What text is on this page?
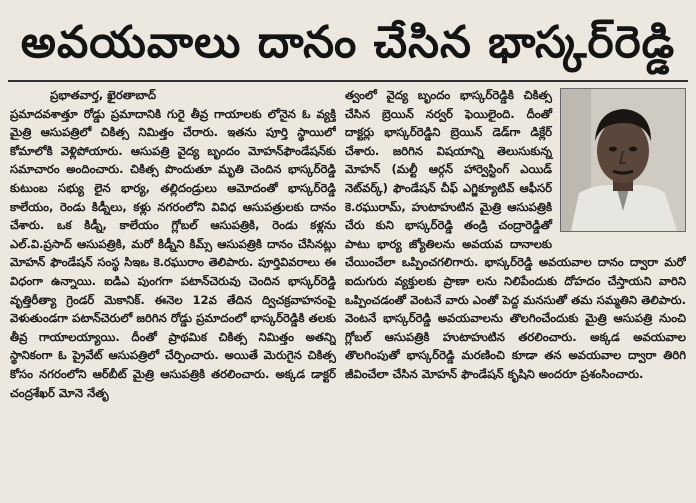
అవయవాలు దానం చేసిన భాస్కర్‌రెడ్డి
ప్రభాతవార్త, ఖైరతాబాద్

ప్రమాదవశాత్తూ రోడ్డు ప్రమాదానికి గురై తీవ్ర గాయాలకు లోనైన ఓ వ్యక్తి మైత్రి ఆసుపత్రిలో చికిత్స నిమిత్తం చేరారు. ఇతను పూర్తి స్థాయిలో కోమాలోకి వెళ్లిపోయారు. ఆసుపత్రి వైద్య బృందం మోహన్‌ఫౌండేషన్‌కు సమాచారం అందించారు. చికిత్స పొందుతూ మృతి చెందిన భాస్కర్‌రెడ్డి కుటుంబ సభ్యు లైన భార్య, తల్లిదండ్రులు ఆమోదంతో భాస్కర్‌రెడ్డి కాలేయం, రెండు కిడ్నీలు, కళ్లు నగరంలోని వివిధ ఆసుపత్రులకు దానం చేశారు. ఒక కిడ్నీ, కాలేయం గ్లోబల్ ఆసుపత్రికి, రెండు కళ్లను ఎల్.వి.ప్రసాద్ ఆసుపత్రికి, మరో కిడ్నీని కిమ్స్ ఆసుపత్రికి దానం చేసినట్లు మోహన్ ఫౌండేషన్ సంస్థ సిఇఒ కె.రఘురాం తెలిపారు. పూర్తివివరాలు ఈ విధంగా ఉన్నాయి. ఐడిఎ పుంగగా పటాన్‌చెరువు చెందిన భాస్కర్‌రెడ్డి వృత్తిరీత్యా గ్రెండర్ మెకానిక్. ఈనెల 12వ తేదిన ద్విచక్రవాహనంపై వెళుతుండగా పటాన్‌చెరులో జరిగిన రోడ్డు ప్రమాదంలో భాస్కర్‌రెడ్డికి తలకు తీవ్ర గాయాలయ్యాయి. దీంతో ప్రాథమిక చికిత్స నిమిత్తం అతన్ని స్థానికంగా ఓ ప్రైవేట్ ఆసుపత్రిలో చేర్పించారు. అయితే మెరుగైన చికిత్స కోసం నగరంలోని ఆర్‌బీట్ మైత్రి ఆసుపత్రికి తరలించారు. అక్కడ డాక్టర్ చంద్రశేఖర్ మోనె నేతృ

త్వంలో వైద్య బృందం భాస్కర్‌రెడ్డికి చికిత్స చేసిన బ్రెయిన్ నర్వర్ ఫెయిలైంది. దీంతో దాక్టర్లు భాస్కర్‌రెడ్డిని బ్రెయిన్ డెడ్‌గా డిక్లేర్ చేశారు. జరిగిన విషయాన్ని తెలుసుకున్న మోహన్ (మల్టీ ఆర్గన్ హార్వెస్టింగ్ ఎయిడ్ నెట్‌వర్క్) ఫౌండేషన్ చీఫ్ ఎగ్జిక్యూటివ్ ఆఫీసర్ కె.రఘురామ్, హుటాహుటిన మైత్రి ఆసుపత్రికి చేరు కుని భాస్కర్‌రెడ్డి తండ్రి చంద్రారెడ్డితో పాటు భార్య జ్యోతిలను అవయవ దానాలకు చేయించేలా ఒప్పించగలిగారు. భాస్కర్‌రెడ్డి అవయవాల దానం ద్వారా మరో ఐదుగురు వ్యక్తులకు ప్రాణా లను నిలిపేందుకు దోహదం చేస్తాయని వారిని ఒప్పించడంతో వెంటనే వారు ఎంతో పెద్ద మనసుతో తమ సమ్మతిని తెలిపారు. వెంటనే భాస్కర్‌రెడ్డి అవయవాలను తొలగించేందుకు మైత్రి ఆసుపత్రి నుంచి గ్లోబల్ ఆసుపత్రికి హుటాహుటిన తరలించారు. అక్కడ అవయవాల తొలగింపుతో భాస్కర్‌రెడ్డి మరణించి కూడా తన అవయవాల ద్వారా తిరిగి జీవించేలా చేసిన మోహన్ ఫౌండేషన్ కృషిని అందరూ ప్రశంసించారు.
